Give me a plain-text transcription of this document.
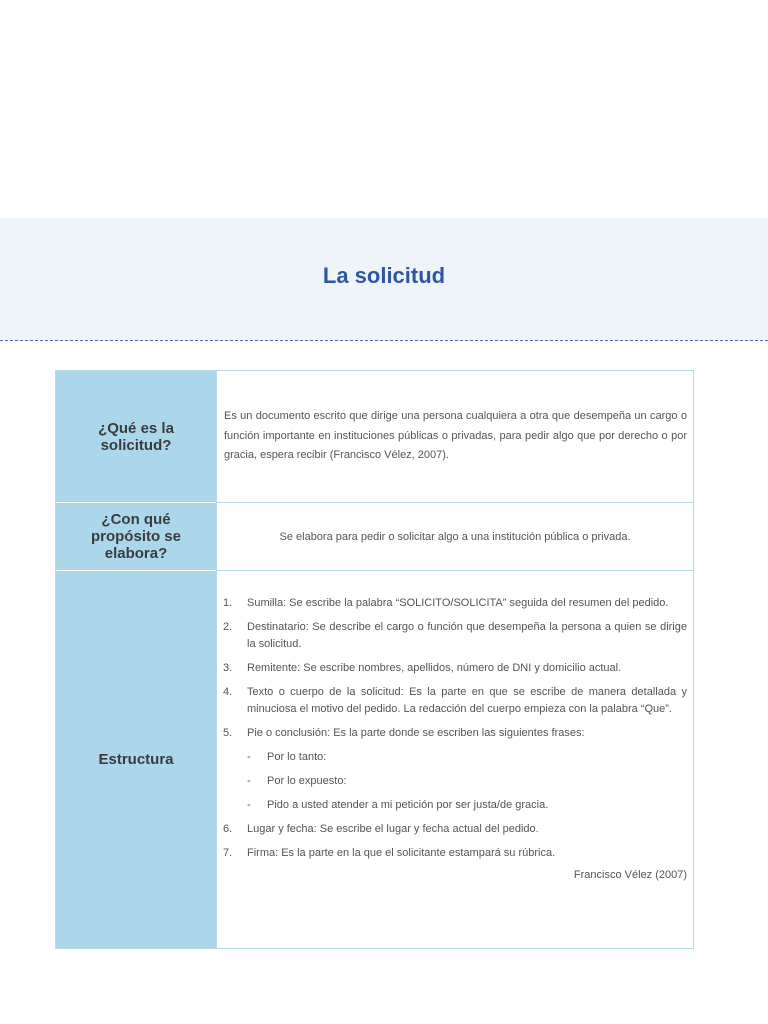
La solicitud
¿Qué es la solicitud?
Es un documento escrito que dirige una persona cualquiera a otra que desempeña un cargo o función importante en instituciones públicas o privadas, para pedir algo que por derecho o por gracia, espera recibir (Francisco Vélez, 2007).
¿Con qué propósito se elabora?
Se elabora para pedir o solicitar algo a una institución pública o privada.
Estructura
1.	Sumilla: Se escribe la palabra “SOLICITO/SOLICITA” seguida del resumen del pedido.
2.	Destinatario: Se describe el cargo o función que desempeña la persona a quien se dirige la solicitud.
3.	Remitente: Se escribe nombres, apellidos, número de DNI y domicilio actual.
4.	Texto o cuerpo de la solicitud: Es la parte en que se escribe de manera detallada y minuciosa el motivo del pedido. La redacción del cuerpo empieza con la palabra “Que”.
5.	Pie o conclusión: Es la parte donde se escriben las siguientes frases:
-	Por lo tanto:
-	Por lo expuesto:
-	Pido a usted atender a mi petición por ser justa/de gracia.
6.	Lugar y fecha: Se escribe el lugar y fecha actual del pedido.
7.	Firma: Es la parte en la que el solicitante estampará su rúbrica.
Francisco Vélez (2007)
